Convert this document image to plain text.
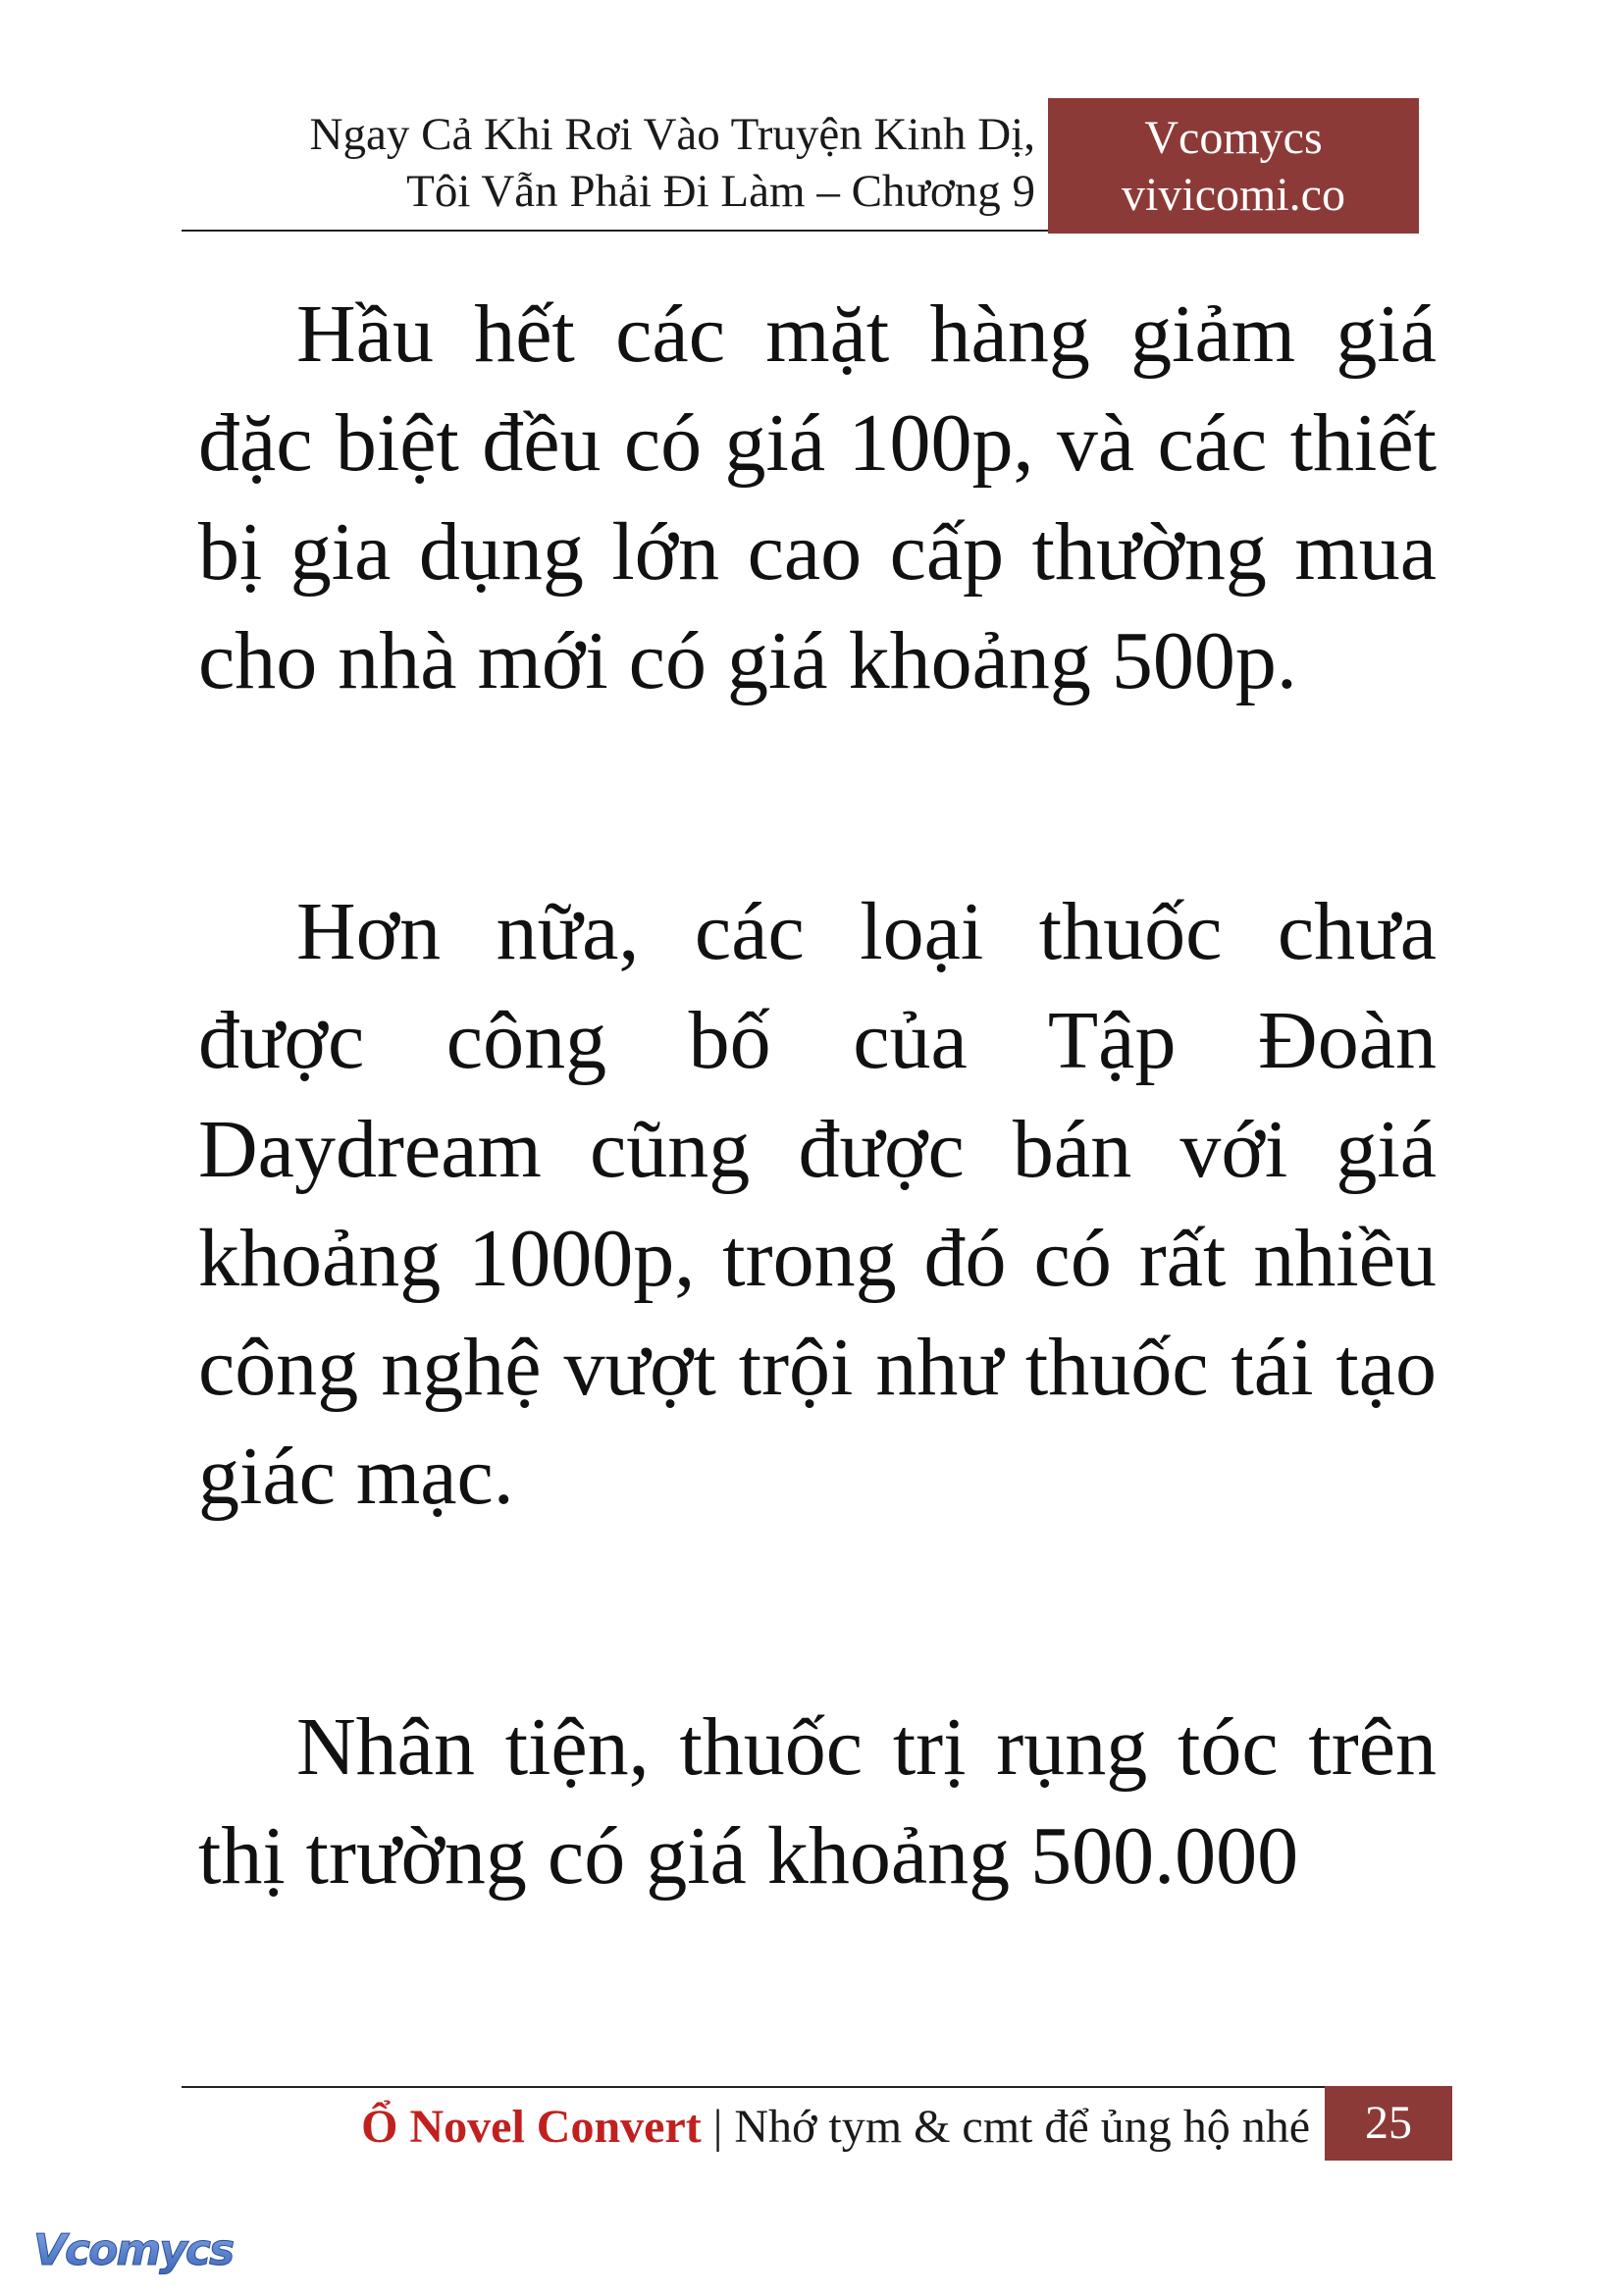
Ngay Cả Khi Rơi Vào Truyện Kinh Dị,
Tôi Vẫn Phải Đi Làm – Chương 9
Vcomycs
vivicomi.co

Hầu hết các mặt hàng giảm giá đặc biệt đều có giá 100p, và các thiết bị gia dụng lớn cao cấp thường mua cho nhà mới có giá khoảng 500p.

Hơn nữa, các loại thuốc chưa được công bố của Tập Đoàn Daydream cũng được bán với giá khoảng 1000p, trong đó có rất nhiều công nghệ vượt trội như thuốc tái tạo giác mạc.

Nhân tiện, thuốc trị rụng tóc trên thị trường có giá khoảng 500.000

Ổ Novel Convert | Nhớ tym & cmt để ủng hộ nhé	25
Vcomycs
